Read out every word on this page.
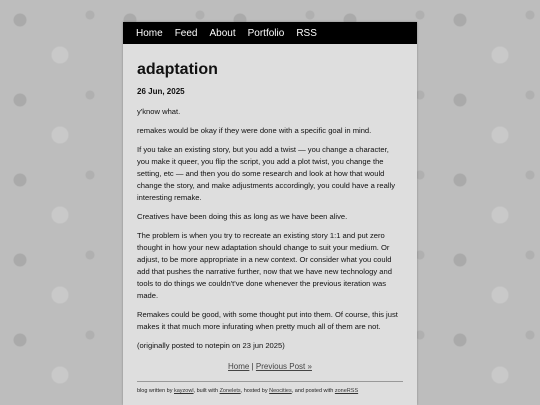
Home Feed About Portfolio RSS
adaptation
26 Jun, 2025

y'know what.

remakes would be okay if they were done with a specific goal in mind.

If you take an existing story, but you add a twist — you change a character, you make it queer, you flip the script, you add a plot twist, you change the setting, etc — and then you do some research and look at how that would change the story, and make adjustments accordingly, you could have a really interesting remake.

Creatives have been doing this as long as we have been alive.

The problem is when you try to recreate an existing story 1:1 and put zero thought in how your new adaptation should change to suit your medium. Or adjust, to be more appropriate in a new context. Or consider what you could add that pushes the narrative further, now that we have new technology and tools to do things we couldn't've done whenever the previous iteration was made.

Remakes could be good, with some thought put into them. Of course, this just makes it that much more infurating when pretty much all of them are not.

(originally posted to notepin on 23 jun 2025)

Home | Previous Post »
blog written by kayzowl, built with Zonelets, hosted by Neocities, and posted with zoneRSS
